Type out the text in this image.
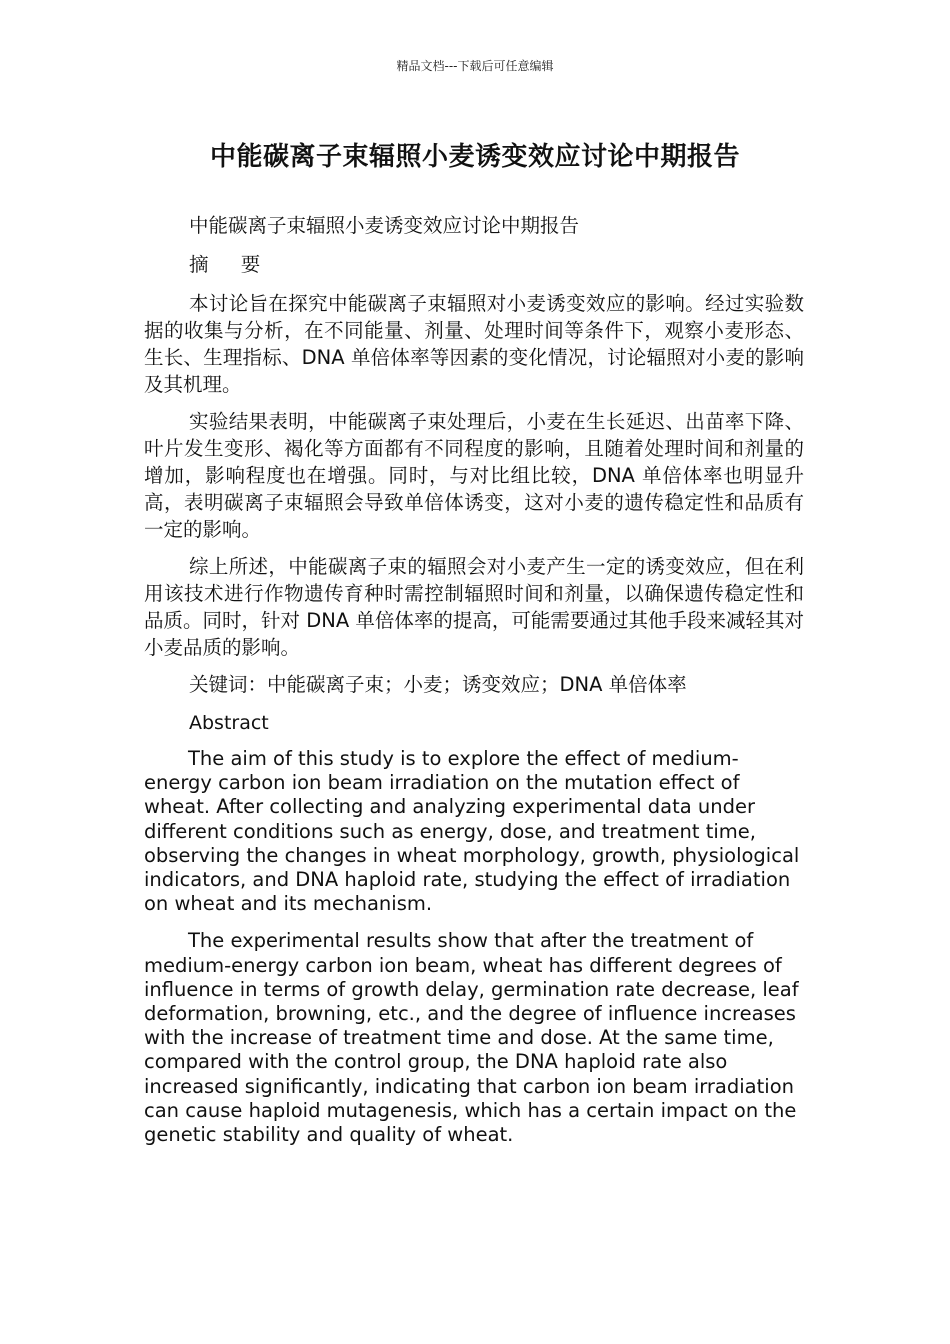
精品文档---下载后可任意编辑
中能碳离子束辐照小麦诱变效应讨论中期报告

中能碳离子束辐照小麦诱变效应讨论中期报告

摘 要

本讨论旨在探究中能碳离子束辐照对小麦诱变效应的影响。经过实验数据的收集与分析，在不同能量、剂量、处理时间等条件下，观察小麦形态、生长、生理指标、DNA 单倍体率等因素的变化情况，讨论辐照对小麦的影响及其机理。

实验结果表明，中能碳离子束处理后，小麦在生长延迟、出苗率下降、叶片发生变形、褐化等方面都有不同程度的影响，且随着处理时间和剂量的增加，影响程度也在增强。同时，与对比组比较，DNA 单倍体率也明显升高，表明碳离子束辐照会导致单倍体诱变，这对小麦的遗传稳定性和品质有一定的影响。

综上所述，中能碳离子束的辐照会对小麦产生一定的诱变效应，但在利用该技术进行作物遗传育种时需控制辐照时间和剂量，以确保遗传稳定性和品质。同时，针对 DNA 单倍体率的提高，可能需要通过其他手段来减轻其对小麦品质的影响。

关键词：中能碳离子束；小麦；诱变效应；DNA 单倍体率

Abstract

The aim of this study is to explore the effect of medium-energy carbon ion beam irradiation on the mutation effect of wheat. After collecting and analyzing experimental data under different conditions such as energy, dose, and treatment time, observing the changes in wheat morphology, growth, physiological indicators, and DNA haploid rate, studying the effect of irradiation on wheat and its mechanism.

The experimental results show that after the treatment of medium-energy carbon ion beam, wheat has different degrees of influence in terms of growth delay, germination rate decrease, leaf deformation, browning, etc., and the degree of influence increases with the increase of treatment time and dose. At the same time, compared with the control group, the DNA haploid rate also increased significantly, indicating that carbon ion beam irradiation can cause haploid mutagenesis, which has a certain impact on the genetic stability and quality of wheat.
